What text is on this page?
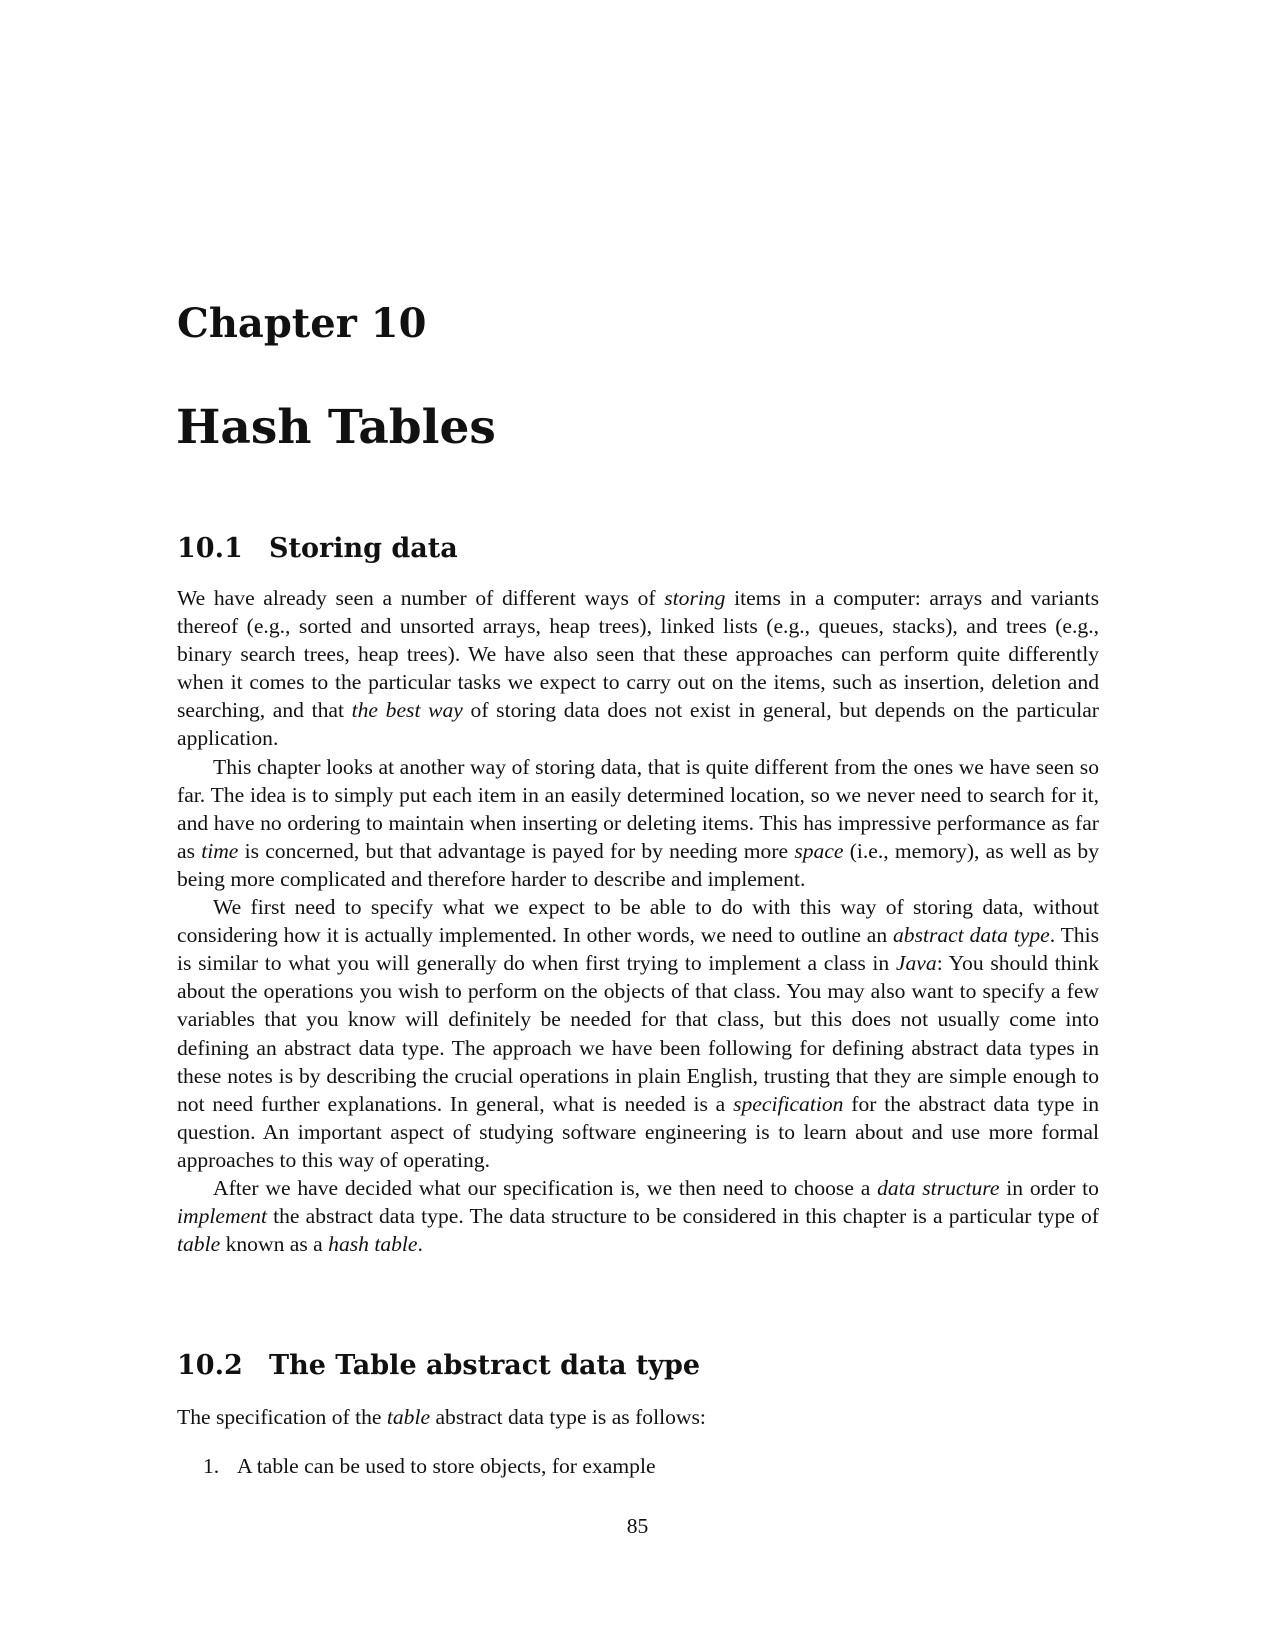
Chapter 10
Hash Tables
10.1 Storing data

We have already seen a number of different ways of storing items in a computer: arrays and variants thereof (e.g., sorted and unsorted arrays, heap trees), linked lists (e.g., queues, stacks), and trees (e.g., binary search trees, heap trees). We have also seen that these approaches can perform quite differently when it comes to the particular tasks we expect to carry out on the items, such as insertion, deletion and searching, and that the best way of storing data does not exist in general, but depends on the particular application.

This chapter looks at another way of storing data, that is quite different from the ones we have seen so far. The idea is to simply put each item in an easily determined location, so we never need to search for it, and have no ordering to maintain when inserting or deleting items. This has impressive performance as far as time is concerned, but that advantage is payed for by needing more space (i.e., memory), as well as by being more complicated and therefore harder to describe and implement.

We first need to specify what we expect to be able to do with this way of storing data, without considering how it is actually implemented. In other words, we need to outline an abstract data type. This is similar to what you will generally do when first trying to implement a class in Java: You should think about the operations you wish to perform on the objects of that class. You may also want to specify a few variables that you know will definitely be needed for that class, but this does not usually come into defining an abstract data type. The approach we have been following for defining abstract data types in these notes is by describing the crucial operations in plain English, trusting that they are simple enough to not need further explanations. In general, what is needed is a specification for the abstract data type in question. An important aspect of studying software engineering is to learn about and use more formal approaches to this way of operating.

After we have decided what our specification is, we then need to choose a data structure in order to implement the abstract data type. The data structure to be considered in this chapter is a particular type of table known as a hash table.

10.2 The Table abstract data type

The specification of the table abstract data type is as follows:

1. A table can be used to store objects, for example
85
